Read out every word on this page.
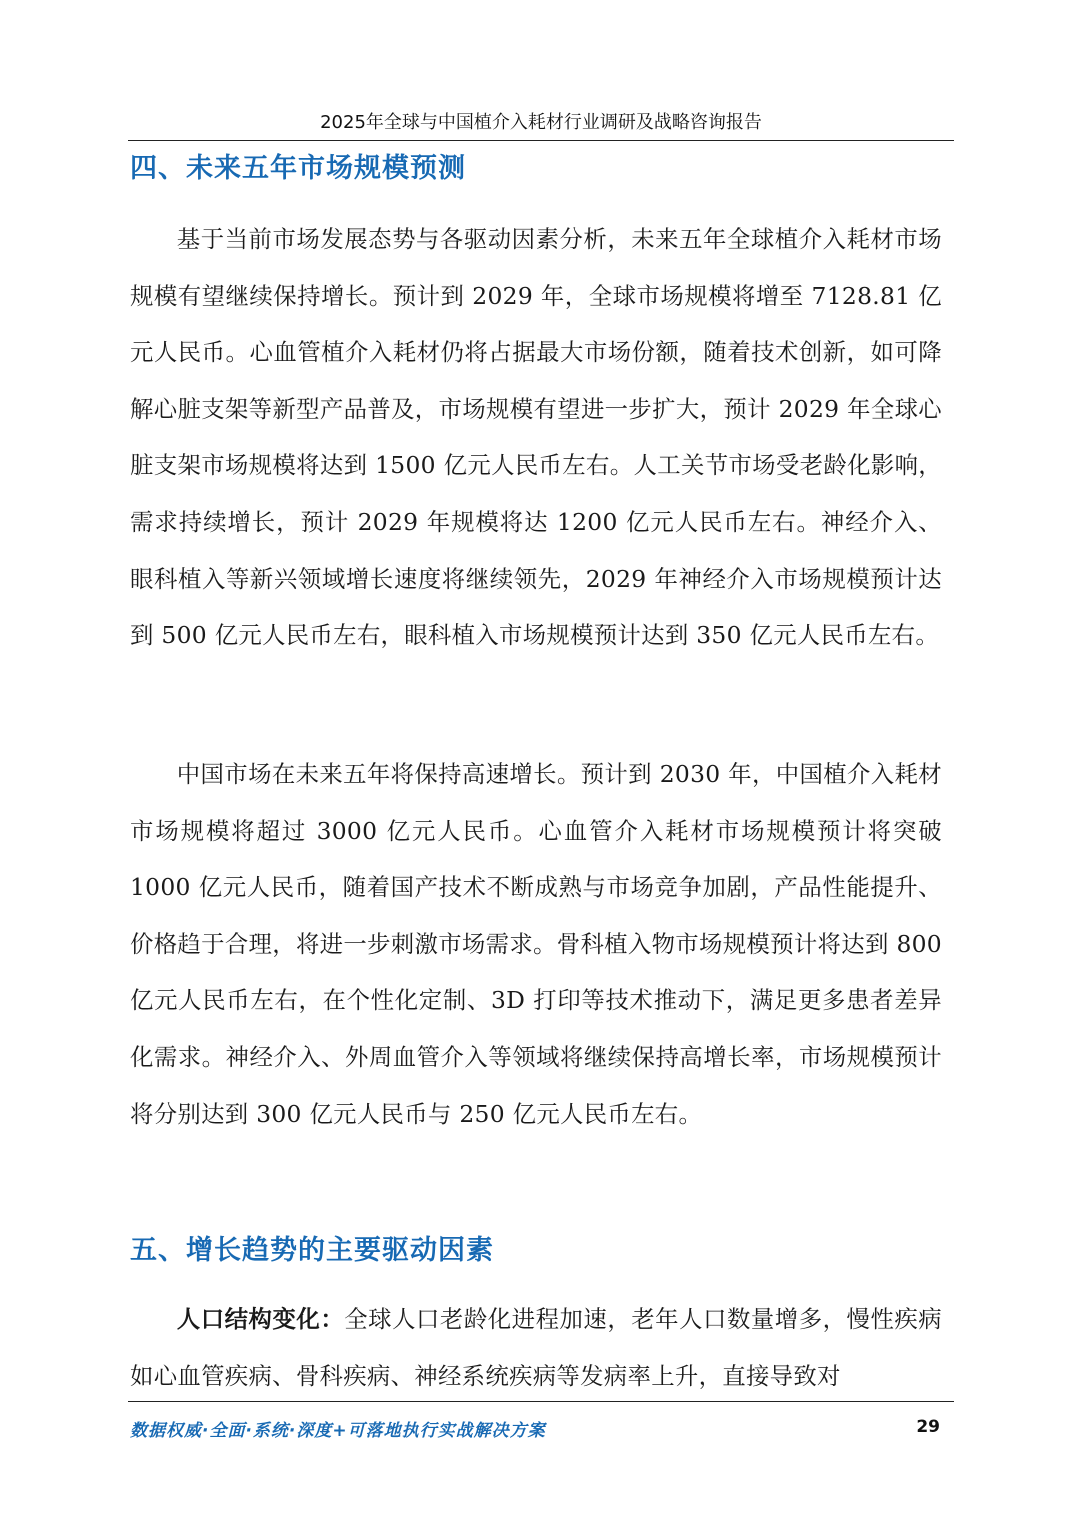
2025年全球与中国植介入耗材行业调研及战略咨询报告
四、未来五年市场规模预测

基于当前市场发展态势与各驱动因素分析，未来五年全球植介入耗材市场规模有望继续保持增长。预计到 2029 年，全球市场规模将增至 7128.81 亿元人民币。心血管植介入耗材仍将占据最大市场份额，随着技术创新，如可降解心脏支架等新型产品普及，市场规模有望进一步扩大，预计 2029 年全球心脏支架市场规模将达到 1500 亿元人民币左右。人工关节市场受老龄化影响，需求持续增长，预计 2029 年规模将达 1200 亿元人民币左右。神经介入、眼科植入等新兴领域增长速度将继续领先，2029 年神经介入市场规模预计达到 500 亿元人民币左右，眼科植入市场规模预计达到 350 亿元人民币左右。

中国市场在未来五年将保持高速增长。预计到 2030 年，中国植介入耗材市场规模将超过 3000 亿元人民币。心血管介入耗材市场规模预计将突破 1000 亿元人民币，随着国产技术不断成熟与市场竞争加剧，产品性能提升、价格趋于合理，将进一步刺激市场需求。骨科植入物市场规模预计将达到 800 亿元人民币左右，在个性化定制、3D 打印等技术推动下，满足更多患者差异化需求。神经介入、外周血管介入等领域将继续保持高增长率，市场规模预计将分别达到 300 亿元人民币与 250 亿元人民币左右。

五、增长趋势的主要驱动因素

人口结构变化：全球人口老龄化进程加速，老年人口数量增多，慢性疾病如心血管疾病、骨科疾病、神经系统疾病等发病率上升，直接导致对

数据权威·全面·系统·深度+可落地执行实战解决方案	29
